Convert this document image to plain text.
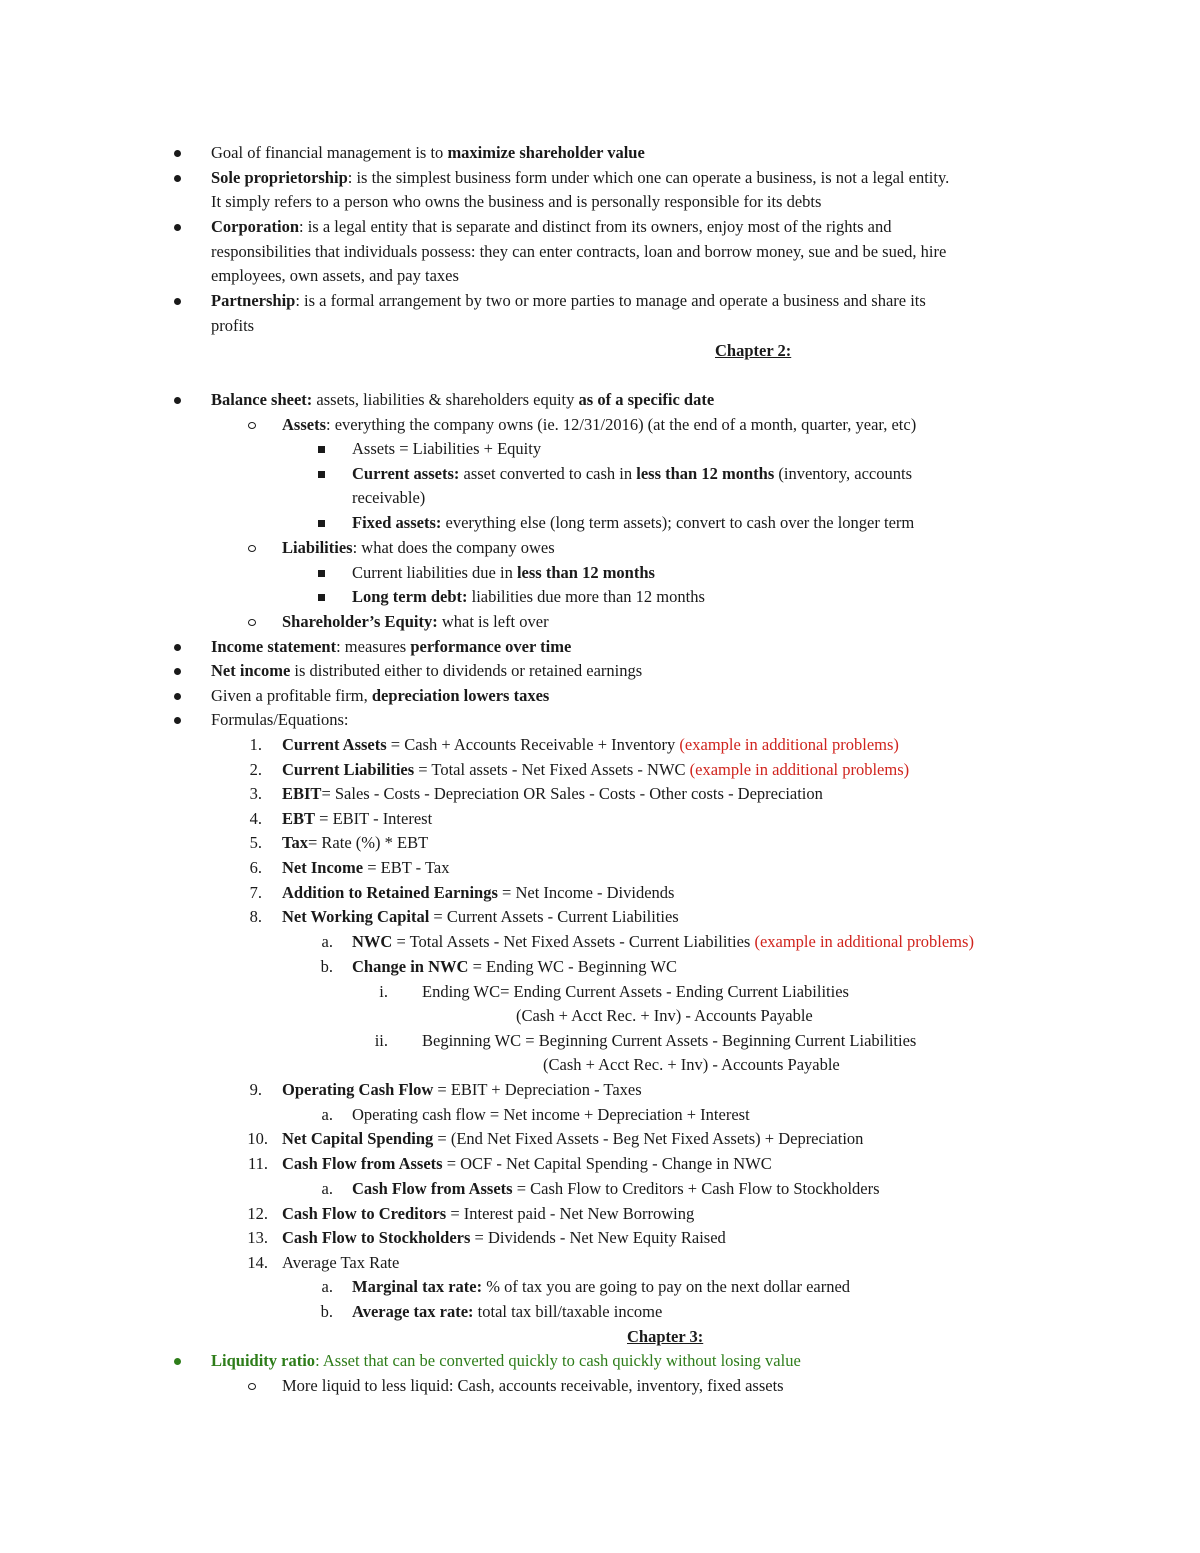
Goal of financial management is to maximize shareholder value
Sole proprietorship: is the simplest business form under which one can operate a business, is not a legal entity.
It simply refers to a person who owns the business and is personally responsible for its debts
Corporation: is a legal entity that is separate and distinct from its owners, enjoy most of the rights and
responsibilities that individuals possess: they can enter contracts, loan and borrow money, sue and be sued, hire
employees, own assets, and pay taxes
Partnership: is a formal arrangement by two or more parties to manage and operate a business and share its
profits
Chapter 2:
Balance sheet: assets, liabilities & shareholders equity as of a specific date
Assets: everything the company owns (ie. 12/31/2016) (at the end of a month, quarter, year, etc)
Assets = Liabilities + Equity
Current assets: asset converted to cash in less than 12 months (inventory, accounts
receivable)
Fixed assets: everything else (long term assets); convert to cash over the longer term
Liabilities: what does the company owes
Current liabilities due in less than 12 months
Long term debt: liabilities due more than 12 months
Shareholder’s Equity: what is left over
Income statement: measures performance over time
Net income is distributed either to dividends or retained earnings
Given a profitable firm, depreciation lowers taxes
Formulas/Equations:
1. Current Assets = Cash + Accounts Receivable + Inventory (example in additional problems)
2. Current Liabilities = Total assets - Net Fixed Assets - NWC (example in additional problems)
3. EBIT= Sales - Costs - Depreciation OR Sales - Costs - Other costs - Depreciation
4. EBT = EBIT - Interest
5. Tax= Rate (%) * EBT
6. Net Income = EBT - Tax
7. Addition to Retained Earnings = Net Income - Dividends
8. Net Working Capital = Current Assets - Current Liabilities
a. NWC = Total Assets - Net Fixed Assets - Current Liabilities (example in additional problems)
b. Change in NWC = Ending WC - Beginning WC
i. Ending WC= Ending Current Assets - Ending Current Liabilities
(Cash + Acct Rec. + Inv) - Accounts Payable
ii. Beginning WC = Beginning Current Assets - Beginning Current Liabilities
(Cash + Acct Rec. + Inv) - Accounts Payable
9. Operating Cash Flow = EBIT + Depreciation - Taxes
a. Operating cash flow = Net income + Depreciation + Interest
10. Net Capital Spending = (End Net Fixed Assets - Beg Net Fixed Assets) + Depreciation
11. Cash Flow from Assets = OCF - Net Capital Spending - Change in NWC
a. Cash Flow from Assets = Cash Flow to Creditors + Cash Flow to Stockholders
12. Cash Flow to Creditors = Interest paid - Net New Borrowing
13. Cash Flow to Stockholders = Dividends - Net New Equity Raised
14. Average Tax Rate
a. Marginal tax rate: % of tax you are going to pay on the next dollar earned
b. Average tax rate: total tax bill/taxable income
Chapter 3:
Liquidity ratio: Asset that can be converted quickly to cash quickly without losing value
More liquid to less liquid: Cash, accounts receivable, inventory, fixed assets
